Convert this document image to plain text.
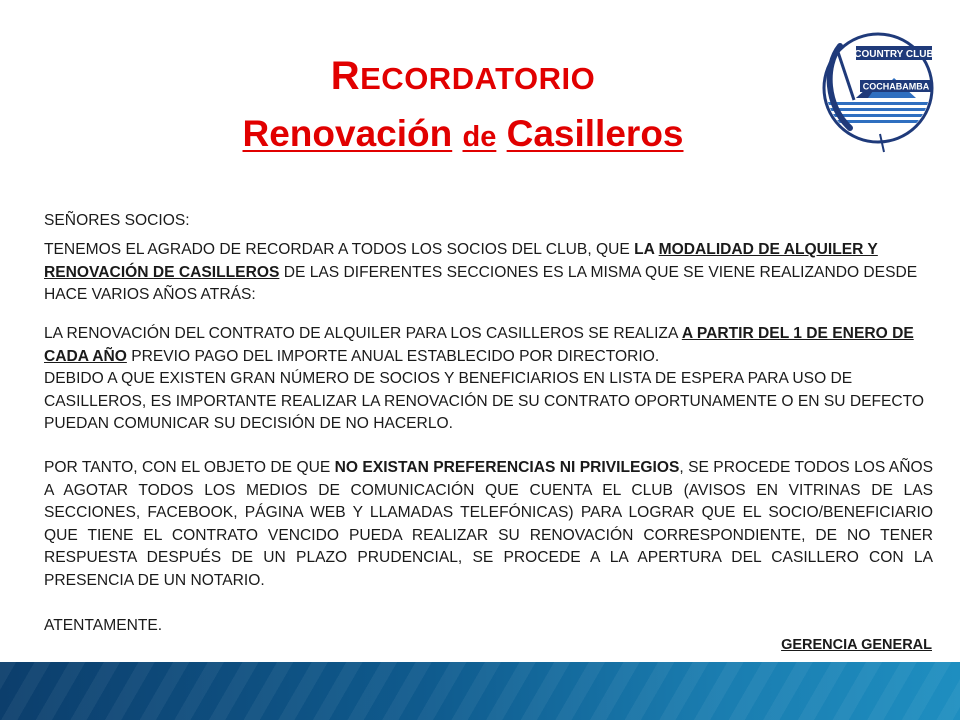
RECORDATORIO
Renovación de Casilleros
COUNTRY CLUB
COCHABAMBA
SEÑORES SOCIOS:
TENEMOS EL AGRADO DE RECORDAR A TODOS LOS SOCIOS DEL CLUB, QUE LA MODALIDAD DE ALQUILER Y RENOVACIÓN DE CASILLEROS DE LAS DIFERENTES SECCIONES ES LA MISMA QUE SE VIENE REALIZANDO DESDE HACE VARIOS AÑOS ATRÁS:
LA RENOVACIÓN DEL CONTRATO DE ALQUILER PARA LOS CASILLEROS SE REALIZA A PARTIR DEL 1 DE ENERO DE CADA AÑO PREVIO PAGO DEL IMPORTE ANUAL ESTABLECIDO POR DIRECTORIO.
DEBIDO A QUE EXISTEN GRAN NÚMERO DE SOCIOS Y BENEFICIARIOS EN LISTA DE ESPERA PARA USO DE CASILLEROS, ES IMPORTANTE REALIZAR LA RENOVACIÓN DE SU CONTRATO OPORTUNAMENTE O EN SU DEFECTO PUEDAN COMUNICAR SU DECISIÓN DE NO HACERLO.
POR TANTO, CON EL OBJETO DE QUE NO EXISTAN PREFERENCIAS NI PRIVILEGIOS, SE PROCEDE TODOS LOS AÑOS A AGOTAR TODOS LOS MEDIOS DE COMUNICACIÓN QUE CUENTA EL CLUB (AVISOS EN VITRINAS DE LAS SECCIONES, FACEBOOK, PÁGINA WEB Y LLAMADAS TELEFÓNICAS) PARA LOGRAR QUE EL SOCIO/BENEFICIARIO QUE TIENE EL CONTRATO VENCIDO PUEDA REALIZAR SU RENOVACIÓN CORRESPONDIENTE, DE NO TENER RESPUESTA DESPUÉS DE UN PLAZO PRUDENCIAL, SE PROCEDE A LA APERTURA DEL CASILLERO CON LA PRESENCIA DE UN NOTARIO.
ATENTAMENTE.
GERENCIA GENERAL
